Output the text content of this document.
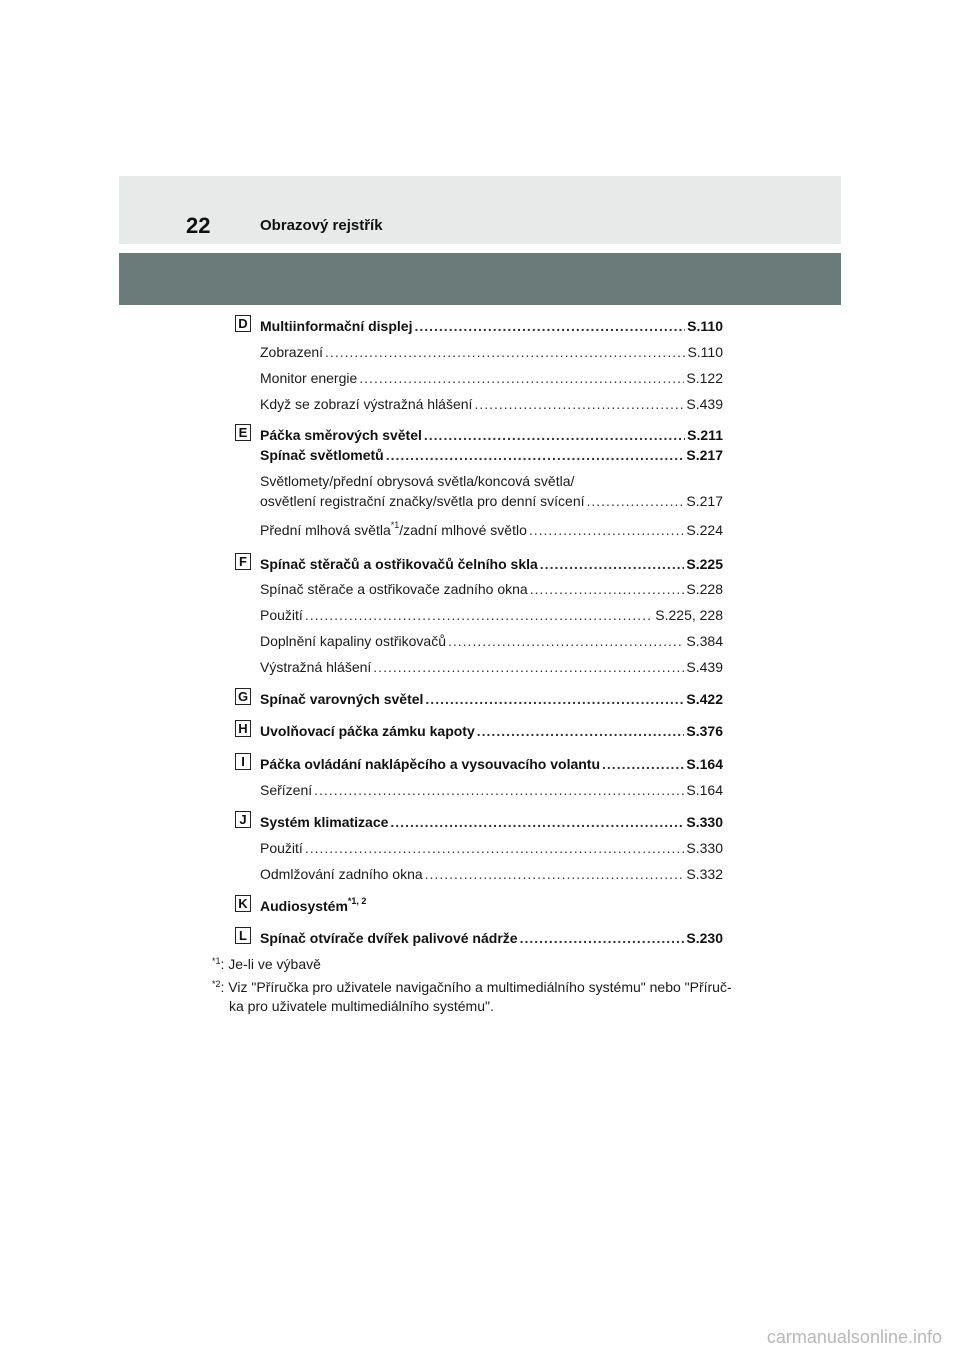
22	Obrazový rejstřík
D
E
F
G
H
I
J
K
L
Multiinformační displej .....	S.110
Zobrazení .....	S.110
Monitor energie .....	S.122
Když se zobrazí výstražná hlášení .....	S.439
Páčka směrových světel .....	S.211
Spínač světlometů .....	S.217
Světlomety/přední obrysová světla/koncová světla/
osvětlení registrační značky/světla pro denní svícení .....	S.217
Přední mlhová světla$^{*1}$/zadní mlhové světlo .....	S.224
Spínač stěračů a ostřikovačů čelního skla .....	S.225
Spínač stěrače a ostřikovače zadního okna .....	S.228
Použití .....	S.225, 228
Doplnění kapaliny ostřikovačů .....	S.384
Výstražná hlášení .....	S.439
Spínač varovných světel .....	S.422
Uvolňovací páčka zámku kapoty .....	S.376
Páčka ovládání naklápěcího a vysouvacího volantu .....	S.164
Seřízení .....	S.164
Systém klimatizace .....	S.330
Použití .....	S.330
Odmlžování zadního okna .....	S.332
Audiosystém$^{*1, 2}$
Spínač otvírače dvířek palivové nádrže .....	S.230
$^{*1}$: Je-li ve výbavě
$^{*2}$: Viz "Příručka pro uživatele navigačního a multimediálního systému" nebo "Příruč-
ka pro uživatele multimediálního systému".
carmanualsonline.info
